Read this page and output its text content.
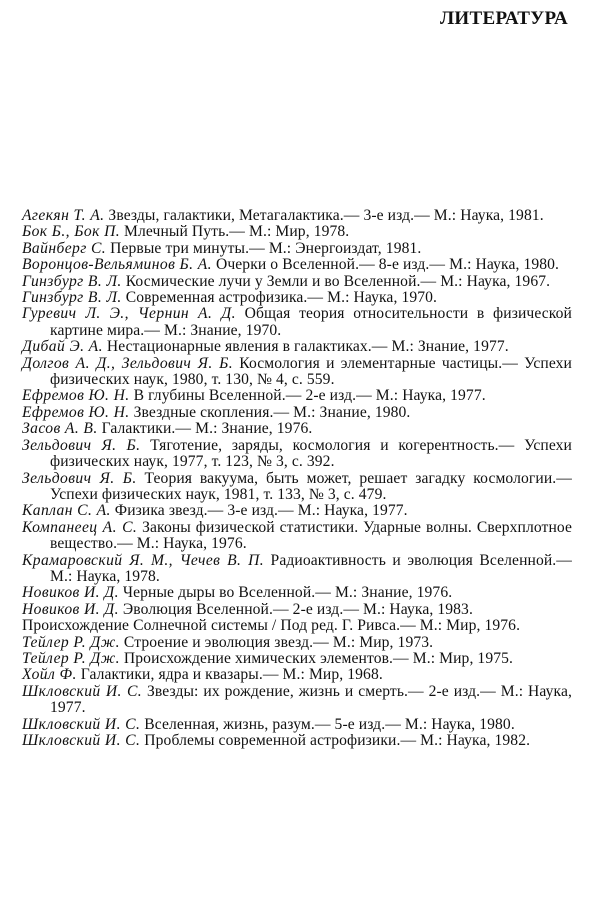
ЛИТЕРАТУРА
Агекян Т. А. Звезды, галактики, Метагалактика.— 3-е изд.— М.: Наука, 1981.
Бок Б., Бок П. Млечный Путь.— М.: Мир, 1978.
Вайнберг С. Первые три минуты.— М.: Энергоиздат, 1981.
Воронцов-Вельяминов Б. А. Очерки о Вселенной.— 8-е изд.— М.: Наука, 1980.
Гинзбург В. Л. Космические лучи у Земли и во Вселенной.— М.: Наука, 1967.
Гинзбург В. Л. Современная астрофизика.— М.: Наука, 1970.
Гуревич Л. Э., Чернин А. Д. Общая теория относительности в физической картине мира.— М.: Знание, 1970.
Дибай Э. А. Нестационарные явления в галактиках.— М.: Знание, 1977.
Долгов А. Д., Зельдович Я. Б. Космология и элементарные частицы.— Успехи физических наук, 1980, т. 130, № 4, с. 559.
Ефремов Ю. Н. В глубины Вселенной.— 2-е изд.— М.: Наука, 1977.
Ефремов Ю. Н. Звездные скопления.— М.: Знание, 1980.
Засов А. В. Галактики.— М.: Знание, 1976.
Зельдович Я. Б. Тяготение, заряды, космология и когерентность.— Успехи физических наук, 1977, т. 123, № 3, с. 392.
Зельдович Я. Б. Теория вакуума, быть может, решает загадку космологии.— Успехи физических наук, 1981, т. 133, № 3, с. 479.
Каплан С. А. Физика звезд.— 3-е изд.— М.: Наука, 1977.
Компанеец А. С. Законы физической статистики. Ударные волны. Сверхплотное вещество.— М.: Наука, 1976.
Крамаровский Я. М., Чечев В. П. Радиоактивность и эволюция Вселенной.— М.: Наука, 1978.
Новиков И. Д. Черные дыры во Вселенной.— М.: Знание, 1976.
Новиков И. Д. Эволюция Вселенной.— 2-е изд.— М.: Наука, 1983.
Происхождение Солнечной системы / Под ред. Г. Ривса.— М.: Мир, 1976.
Тейлер Р. Дж. Строение и эволюция звезд.— М.: Мир, 1973.
Тейлер Р. Дж. Происхождение химических элементов.— М.: Мир, 1975.
Хойл Ф. Галактики, ядра и квазары.— М.: Мир, 1968.
Шкловский И. С. Звезды: их рождение, жизнь и смерть.— 2-е изд.— М.: Наука, 1977.
Шкловский И. С. Вселенная, жизнь, разум.— 5-е изд.— М.: Наука, 1980.
Шкловский И. С. Проблемы современной астрофизики.— М.: Наука, 1982.
